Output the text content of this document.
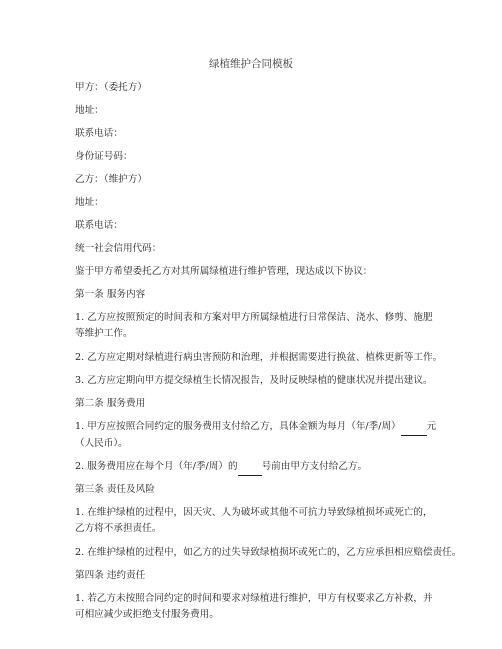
绿植维护合同模板
甲方：（委托方）
地址：
联系电话：
身份证号码：
乙方：（维护方）
地址：
联系电话：
统一社会信用代码：
鉴于甲方希望委托乙方对其所属绿植进行维护管理，现达成以下协议：
第一条 服务内容
1. 乙方应按照预定的时间表和方案对甲方所属绿植进行日常保洁、浇水、修剪、施肥等维护工作。
2. 乙方应定期对绿植进行病虫害预防和治理，并根据需要进行换盆、植株更新等工作。
3. 乙方应定期向甲方提交绿植生长情况报告，及时反映绿植的健康状况并提出建议。
第二条 服务费用
1. 甲方应按照合同约定的服务费用支付给乙方，具体金额为每月（年/季/周）	元（人民币）。
2. 服务费用应在每个月（年/季/周）的	号前由甲方支付给乙方。
第三条 责任及风险
1. 在维护绿植的过程中，因天灾、人为破坏或其他不可抗力导致绿植损坏或死亡的，乙方将不承担责任。
2. 在维护绿植的过程中，如乙方的过失导致绿植损坏或死亡的，乙方应承担相应赔偿责任。
第四条 违约责任
1. 若乙方未按照合同约定的时间和要求对绿植进行维护，甲方有权要求乙方补救，并可相应减少或拒绝支付服务费用。
